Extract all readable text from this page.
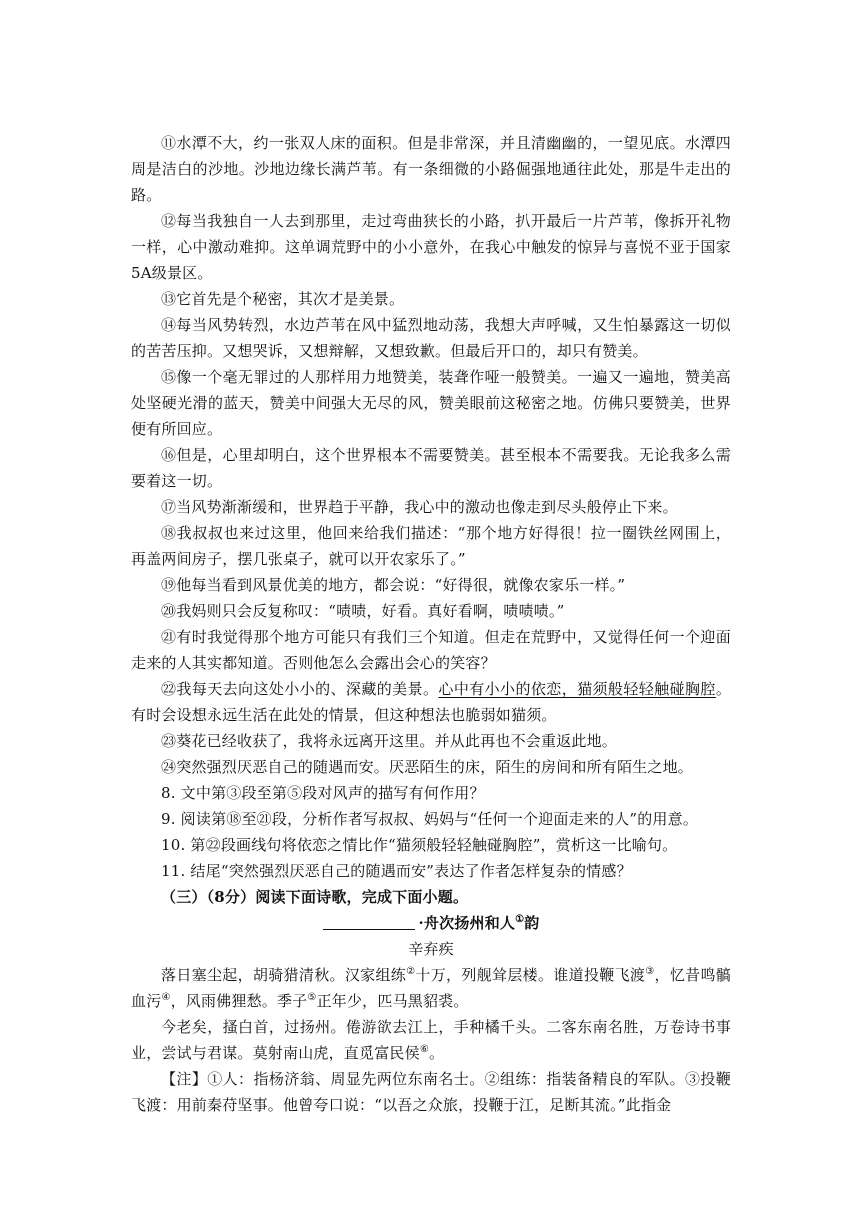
⑪水潭不大，约一张双人床的面积。但是非常深，并且清幽幽的，一望见底。水潭四周是洁白的沙地。沙地边缘长满芦苇。有一条细微的小路倔强地通往此处，那是牛走出的路。

⑫每当我独自一人去到那里，走过弯曲狭长的小路，扒开最后一片芦苇，像拆开礼物一样，心中激动难抑。这单调荒野中的小小意外，在我心中触发的惊异与喜悦不亚于国家5A级景区。

⑬它首先是个秘密，其次才是美景。

⑭每当风势转烈，水边芦苇在风中猛烈地动荡，我想大声呼喊，又生怕暴露这一切似的苦苦压抑。又想哭诉，又想辩解，又想致歉。但最后开口的，却只有赞美。

⑮像一个毫无罪过的人那样用力地赞美，装聋作哑一般赞美。一遍又一遍地，赞美高处坚硬光滑的蓝天，赞美中间强大无尽的风，赞美眼前这秘密之地。仿佛只要赞美，世界便有所回应。

⑯但是，心里却明白，这个世界根本不需要赞美。甚至根本不需要我。无论我多么需要着这一切。

⑰当风势渐渐缓和，世界趋于平静，我心中的激动也像走到尽头般停止下来。

⑱我叔叔也来过这里，他回来给我们描述：“那个地方好得很！拉一圈铁丝网围上，再盖两间房子，摆几张桌子，就可以开农家乐了。”

⑲他每当看到风景优美的地方，都会说：“好得很，就像农家乐一样。”

⑳我妈则只会反复称叹：“啧啧，好看。真好看啊，啧啧啧。”

㉑有时我觉得那个地方可能只有我们三个知道。但走在荒野中，又觉得任何一个迎面走来的人其实都知道。否则他怎么会露出会心的笑容？

㉒我每天去向这处小小的、深藏的美景。心中有小小的依恋，猫须般轻轻触碰胸腔。有时会设想永远生活在此处的情景，但这种想法也脆弱如猫须。

㉓葵花已经收获了，我将永远离开这里。并从此再也不会重返此地。

㉔突然强烈厌恶自己的随遇而安。厌恶陌生的床，陌生的房间和所有陌生之地。

8. 文中第③段至第⑤段对风声的描写有何作用？

9. 阅读第⑱至㉑段，分析作者写叔叔、妈妈与“任何一个迎面走来的人”的用意。

10. 第㉒段画线句将依恋之情比作“猫须般轻轻触碰胸腔”，赏析这一比喻句。

11. 结尾“突然强烈厌恶自己的随遇而安”表达了作者怎样复杂的情感？

（三）（8分）阅读下面诗歌，完成下面小题。

·舟次扬州和人①韵

辛弃疾

落日塞尘起，胡骑猎清秋。汉家组练②十万，列舰耸层楼。谁道投鞭飞渡③，忆昔鸣髇血污④，风雨佛狸愁。季子⑤正年少，匹马黑貂裘。

今老矣，搔白首，过扬州。倦游欲去江上，手种橘千头。二客东南名胜，万卷诗书事业，尝试与君谋。莫射南山虎，直觅富民侯⑥。

【注】①人：指杨济翁、周显先两位东南名士。②组练：指装备精良的军队。③投鞭飞渡：用前秦苻坚事。他曾夸口说：“以吾之众旅，投鞭于江，足断其流。”此指金
